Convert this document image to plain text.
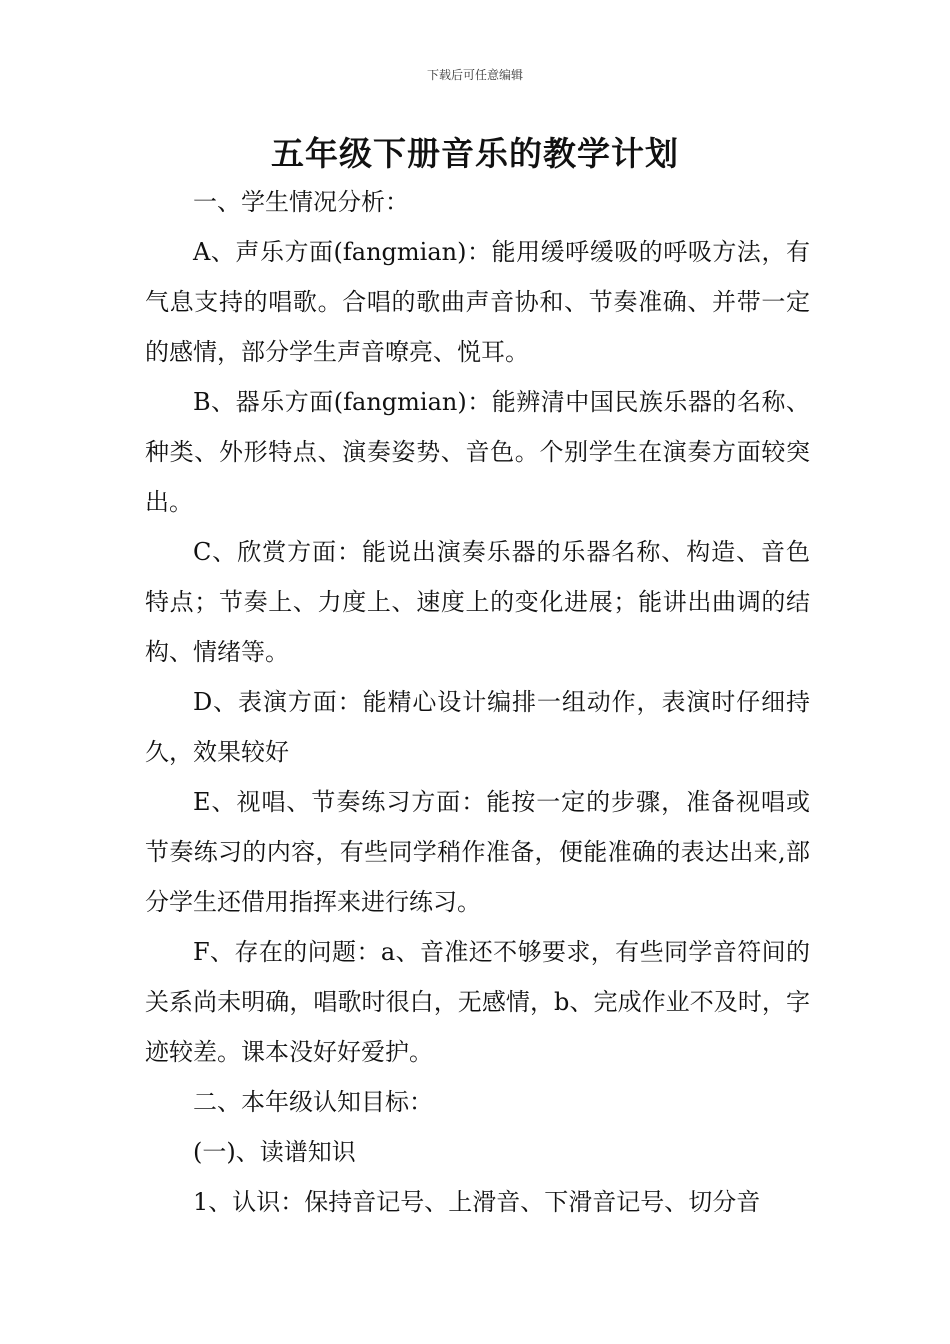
下载后可任意编辑
五年级下册音乐的教学计划

一、学生情况分析：

A、声乐方面(fangmian)：能用缓呼缓吸的呼吸方法，有气息支持的唱歌。合唱的歌曲声音协和、节奏准确、并带一定的感情，部分学生声音嘹亮、悦耳。

B、器乐方面(fangmian)：能辨清中国民族乐器的名称、种类、外形特点、演奏姿势、音色。个别学生在演奏方面较突出。

C、欣赏方面：能说出演奏乐器的乐器名称、构造、音色特点；节奏上、力度上、速度上的变化进展；能讲出曲调的结构、情绪等。

D、表演方面：能精心设计编排一组动作，表演时仔细持久，效果较好

E、视唱、节奏练习方面：能按一定的步骤，准备视唱或节奏练习的内容，有些同学稍作准备，便能准确的表达出来,部分学生还借用指挥来进行练习。

F、存在的问题：a、音准还不够要求，有些同学音符间的关系尚未明确，唱歌时很白，无感情，b、完成作业不及时，字迹较差。课本没好好爱护。

二、本年级认知目标：

(一)、读谱知识

1、认识：保持音记号、上滑音、下滑音记号、切分音
